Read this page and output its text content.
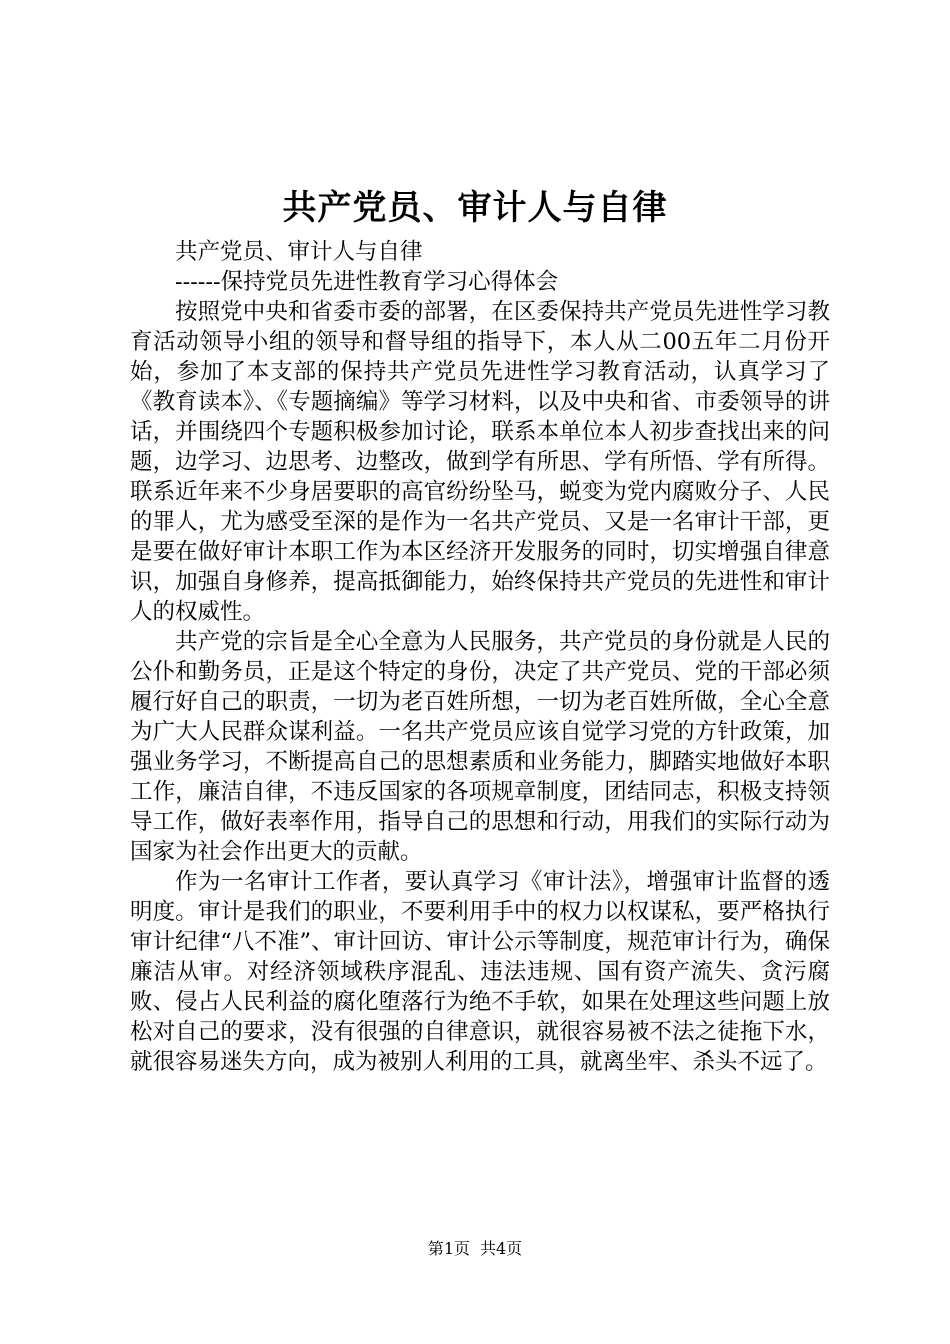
共产党员、审计人与自律

共产党员、审计人与自律

------保持党员先进性教育学习心得体会

按照党中央和省委市委的部署，在区委保持共产党员先进性学习教育活动领导小组的领导和督导组的指导下，本人从二00五年二月份开始，参加了本支部的保持共产党员先进性学习教育活动，认真学习了《教育读本》、《专题摘编》等学习材料，以及中央和省、市委领导的讲话，并围绕四个专题积极参加讨论，联系本单位本人初步查找出来的问题，边学习、边思考、边整改，做到学有所思、学有所悟、学有所得。联系近年来不少身居要职的高官纷纷坠马，蜕变为党内腐败分子、人民的罪人，尤为感受至深的是作为一名共产党员、又是一名审计干部，更是要在做好审计本职工作为本区经济开发服务的同时，切实增强自律意识，加强自身修养，提高抵御能力，始终保持共产党员的先进性和审计人的权威性。

共产党的宗旨是全心全意为人民服务，共产党员的身份就是人民的公仆和勤务员，正是这个特定的身份，决定了共产党员、党的干部必须履行好自己的职责，一切为老百姓所想，一切为老百姓所做，全心全意为广大人民群众谋利益。一名共产党员应该自觉学习党的方针政策，加强业务学习，不断提高自己的思想素质和业务能力，脚踏实地做好本职工作，廉洁自律，不违反国家的各项规章制度，团结同志，积极支持领导工作，做好表率作用，指导自己的思想和行动，用我们的实际行动为国家为社会作出更大的贡献。

作为一名审计工作者，要认真学习《审计法》，增强审计监督的透明度。审计是我们的职业，不要利用手中的权力以权谋私，要严格执行审计纪律“八不准”、审计回访、审计公示等制度，规范审计行为，确保廉洁从审。对经济领域秩序混乱、违法违规、国有资产流失、贪污腐败、侵占人民利益的腐化堕落行为绝不手软，如果在处理这些问题上放松对自己的要求，没有很强的自律意识，就很容易被不法之徒拖下水，就很容易迷失方向，成为被别人利用的工具，就离坐牢、杀头不远了。

第1页 共4页
